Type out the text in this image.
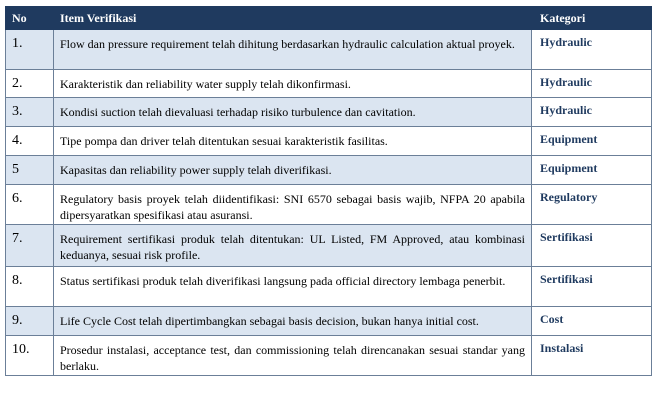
No	Item Verifikasi	Kategori
1.	Flow dan pressure requirement telah dihitung berdasarkan hydraulic calculation aktual proyek.	Hydraulic
2.	Karakteristik dan reliability water supply telah dikonfirmasi.	Hydraulic
3.	Kondisi suction telah dievaluasi terhadap risiko turbulence dan cavitation.	Hydraulic
4.	Tipe pompa dan driver telah ditentukan sesuai karakteristik fasilitas.	Equipment
5	Kapasitas dan reliability power supply telah diverifikasi.	Equipment
6.	Regulatory basis proyek telah diidentifikasi: SNI 6570 sebagai basis wajib, NFPA 20 apabila dipersyaratkan spesifikasi atau asuransi.	Regulatory
7.	Requirement sertifikasi produk telah ditentukan: UL Listed, FM Approved, atau kombinasi keduanya, sesuai risk profile.	Sertifikasi
8.	Status sertifikasi produk telah diverifikasi langsung pada official directory lembaga penerbit.	Sertifikasi
9.	Life Cycle Cost telah dipertimbangkan sebagai basis decision, bukan hanya initial cost.	Cost
10.	Prosedur instalasi, acceptance test, dan commissioning telah direncanakan sesuai standar yang berlaku.	Instalasi
